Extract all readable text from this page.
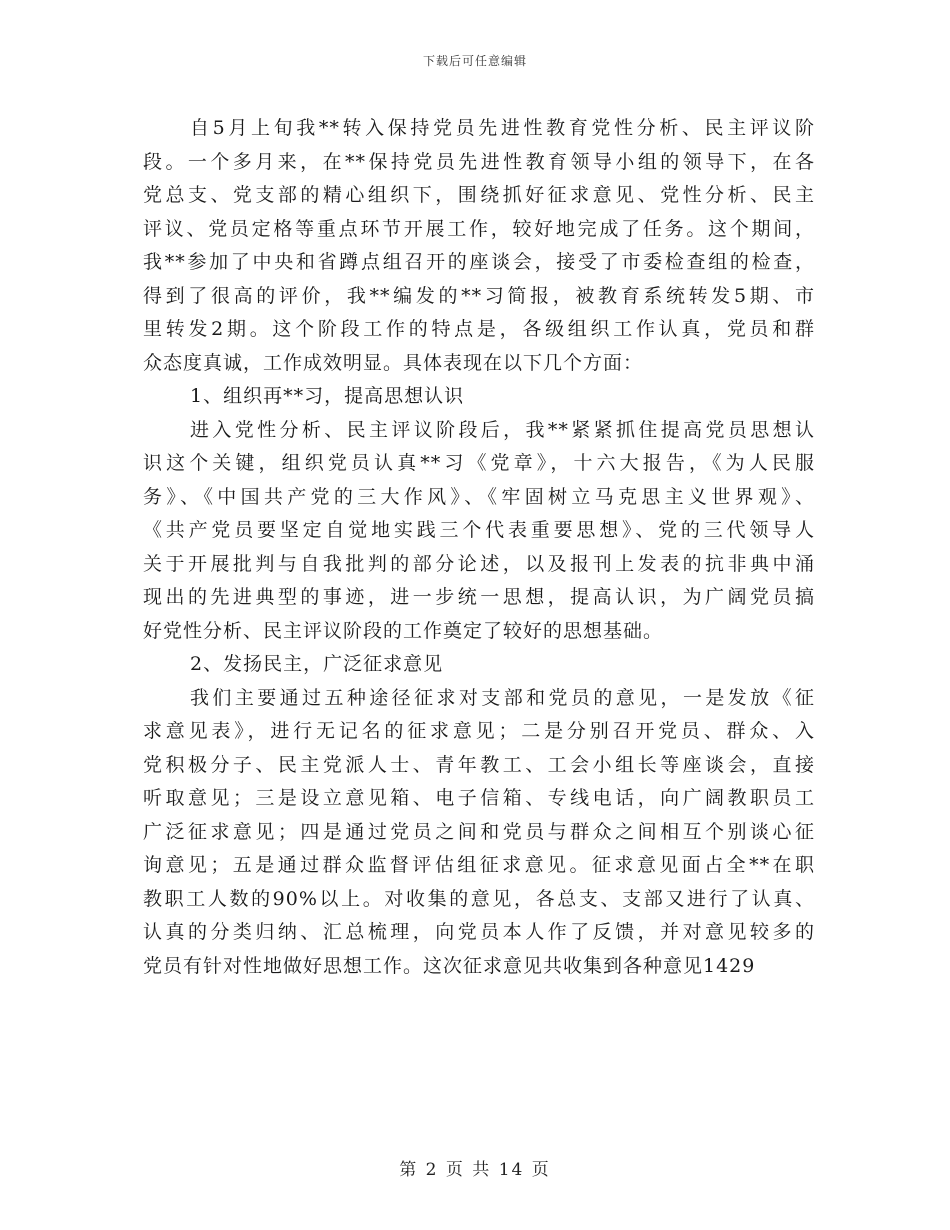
下载后可任意编辑
自5月上旬我**转入保持党员先进性教育党性分析、民主评议阶
段。一个多月来，在**保持党员先进性教育领导小组的领导下，在各
党总支、党支部的精心组织下，围绕抓好征求意见、党性分析、民主
评议、党员定格等重点环节开展工作，较好地完成了任务。这个期间，
我**参加了中央和省蹲点组召开的座谈会，接受了市委检查组的检查，
得到了很高的评价，我**编发的**习简报，被教育系统转发5期、市
里转发2期。这个阶段工作的特点是，各级组织工作认真，党员和群
众态度真诚，工作成效明显。具体表现在以下几个方面：
1、组织再**习，提高思想认识
进入党性分析、民主评议阶段后，我**紧紧抓住提高党员思想认
识这个关键，组织党员认真**习《党章》，十六大报告，《为人民服
务》、《中国共产党的三大作风》、《牢固树立马克思主义世界观》、
《共产党员要坚定自觉地实践三个代表重要思想》、党的三代领导人
关于开展批判与自我批判的部分论述，以及报刊上发表的抗非典中涌
现出的先进典型的事迹，进一步统一思想，提高认识，为广阔党员搞
好党性分析、民主评议阶段的工作奠定了较好的思想基础。
2、发扬民主，广泛征求意见
我们主要通过五种途径征求对支部和党员的意见，一是发放《征
求意见表》，进行无记名的征求意见；二是分别召开党员、群众、入
党积极分子、民主党派人士、青年教工、工会小组长等座谈会，直接
听取意见；三是设立意见箱、电子信箱、专线电话，向广阔教职员工
广泛征求意见；四是通过党员之间和党员与群众之间相互个别谈心征
询意见；五是通过群众监督评估组征求意见。征求意见面占全**在职
教职工人数的90%以上。对收集的意见，各总支、支部又进行了认真、
认真的分类归纳、汇总梳理，向党员本人作了反馈，并对意见较多的
党员有针对性地做好思想工作。这次征求意见共收集到各种意见1429
第 2 页 共 14 页
